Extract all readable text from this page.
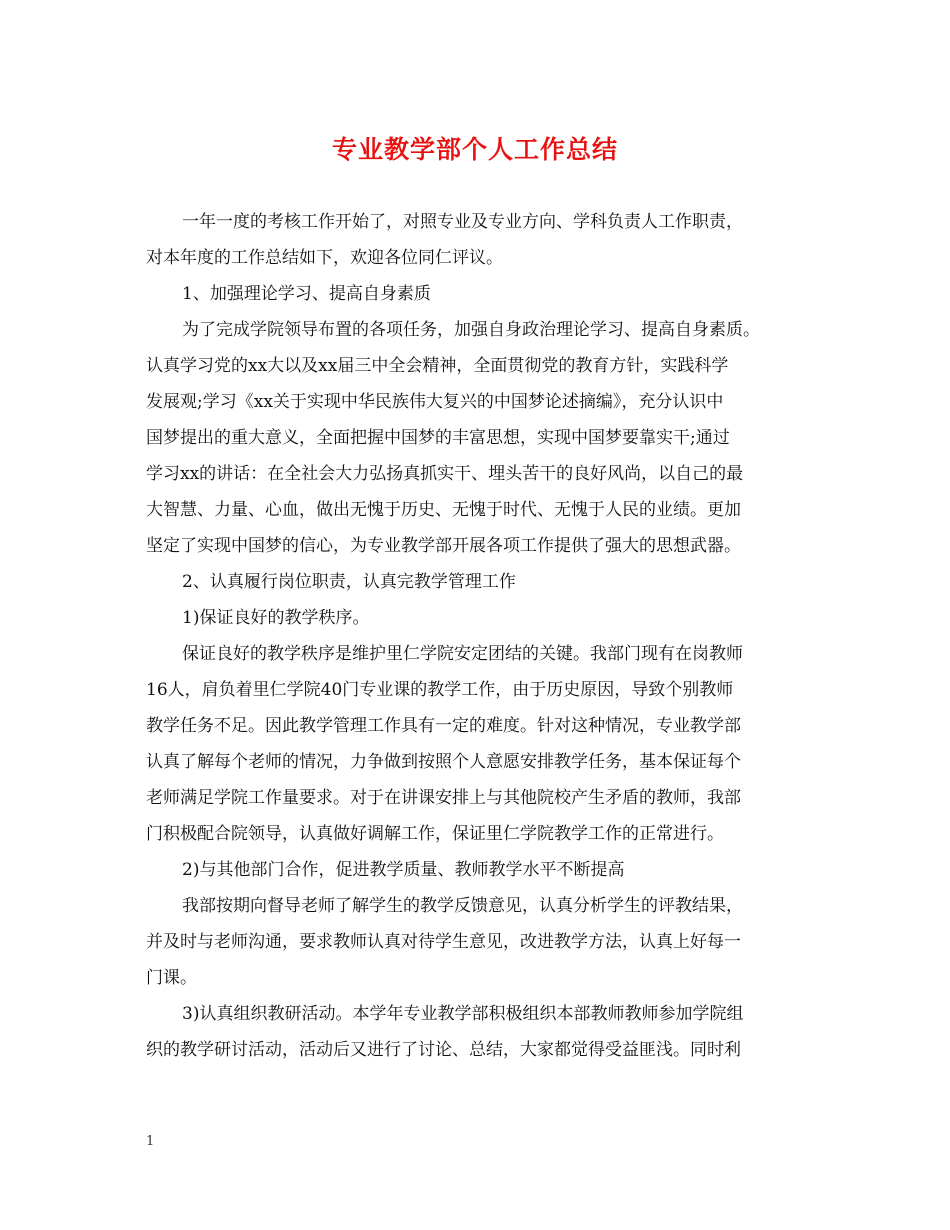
专业教学部个人工作总结
一年一度的考核工作开始了，对照专业及专业方向、学科负责人工作职责，
对本年度的工作总结如下，欢迎各位同仁评议。
1、加强理论学习、提高自身素质
为了完成学院领导布置的各项任务，加强自身政治理论学习、提高自身素质。
认真学习党的xx大以及xx届三中全会精神，全面贯彻党的教育方针，实践科学
发展观;学习《xx关于实现中华民族伟大复兴的中国梦论述摘编》，充分认识中
国梦提出的重大意义，全面把握中国梦的丰富思想，实现中国梦要靠实干;通过
学习xx的讲话：在全社会大力弘扬真抓实干、埋头苦干的良好风尚，以自己的最
大智慧、力量、心血，做出无愧于历史、无愧于时代、无愧于人民的业绩。更加
坚定了实现中国梦的信心，为专业教学部开展各项工作提供了强大的思想武器。
2、认真履行岗位职责，认真完教学管理工作
1)保证良好的教学秩序。
保证良好的教学秩序是维护里仁学院安定团结的关键。我部门现有在岗教师
16人，肩负着里仁学院40门专业课的教学工作，由于历史原因，导致个别教师
教学任务不足。因此教学管理工作具有一定的难度。针对这种情况，专业教学部
认真了解每个老师的情况，力争做到按照个人意愿安排教学任务，基本保证每个
老师满足学院工作量要求。对于在讲课安排上与其他院校产生矛盾的教师，我部
门积极配合院领导，认真做好调解工作，保证里仁学院教学工作的正常进行。
2)与其他部门合作，促进教学质量、教师教学水平不断提高
我部按期向督导老师了解学生的教学反馈意见，认真分析学生的评教结果，
并及时与老师沟通，要求教师认真对待学生意见，改进教学方法，认真上好每一
门课。
3)认真组织教研活动。本学年专业教学部积极组织本部教师教师参加学院组
织的教学研讨活动，活动后又进行了讨论、总结，大家都觉得受益匪浅。同时利
1
